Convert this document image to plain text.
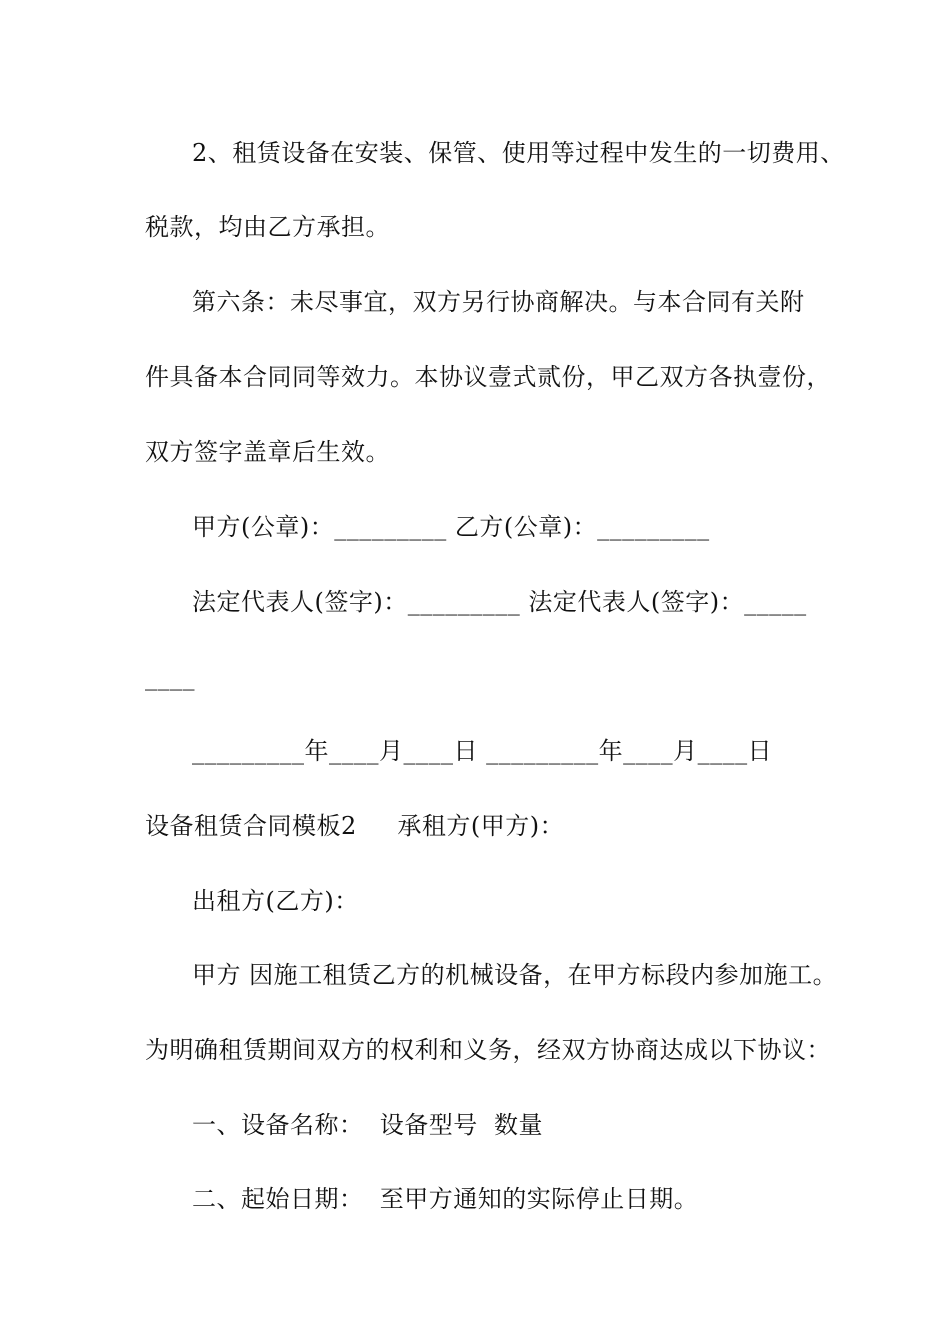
2、租赁设备在安装、保管、使用等过程中发生的一切费用、
税款，均由乙方承担。
第六条：未尽事宜，双方另行协商解决。与本合同有关附
件具备本合同同等效力。本协议壹式贰份，甲乙双方各执壹份，
双方签字盖章后生效。
甲方(公章)：_________ 乙方(公章)：_________
法定代表人(签字)：_________ 法定代表人(签字)：_____
____
_________年____月____日 _________年____月____日
设备租赁合同模板2     承租方(甲方)：
出租方(乙方)：
甲方 因施工租赁乙方的机械设备，在甲方标段内参加施工。
为明确租赁期间双方的权利和义务，经双方协商达成以下协议：
一、设备名称：  设备型号  数量
二、起始日期：  至甲方通知的实际停止日期。
